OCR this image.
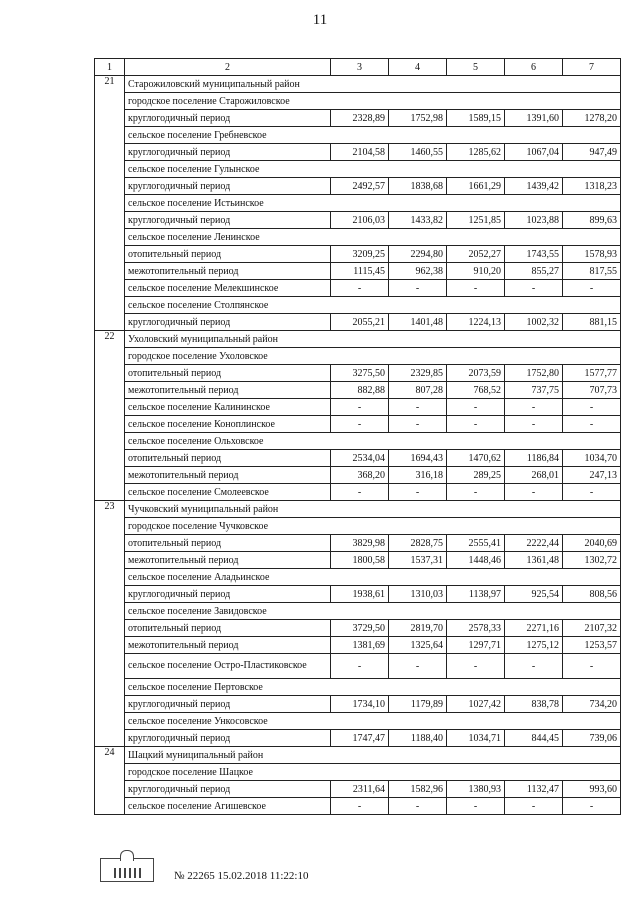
11
1	2	3	4	5	6	7
21	Старожиловский муниципальный район					
	городское поселение Старожиловское					
	круглогодичный период	2328,89	1752,98	1589,15	1391,60	1278,20
	сельское поселение Гребневское					
	круглогодичный период	2104,58	1460,55	1285,62	1067,04	947,49
	сельское поселение Гулынское					
	круглогодичный период	2492,57	1838,68	1661,29	1439,42	1318,23
	сельское поселение Истьинское					
	круглогодичный период	2106,03	1433,82	1251,85	1023,88	899,63
	сельское поселение Ленинское					
	отопительный период	3209,25	2294,80	2052,27	1743,55	1578,93
	межотопительный период	1115,45	962,38	910,20	855,27	817,55
	сельское поселение Мелекшинское	-	-	-	-	-
	сельское поселение Столпянское					
	круглогодичный период	2055,21	1401,48	1224,13	1002,32	881,15
22	Ухоловский муниципальный район					
	городское поселение Ухоловское					
	отопительный период	3275,50	2329,85	2073,59	1752,80	1577,77
	межотопительный период	882,88	807,28	768,52	737,75	707,73
	сельское поселение Калининское	-	-	-	-	-
	сельское поселение Коноплинское	-	-	-	-	-
	сельское поселение Ольховское					
	отопительный период	2534,04	1694,43	1470,62	1186,84	1034,70
	межотопительный период	368,20	316,18	289,25	268,01	247,13
	сельское поселение Смолеевское	-	-	-	-	-
23	Чучковский муниципальный район					
	городское поселение Чучковское					
	отопительный период	3829,98	2828,75	2555,41	2222,44	2040,69
	межотопительный период	1800,58	1537,31	1448,46	1361,48	1302,72
	сельское поселение Аладьинское					
	круглогодичный период	1938,61	1310,03	1138,97	925,54	808,56
	сельское поселение Завидовское					
	отопительный период	3729,50	2819,70	2578,33	2271,16	2107,32
	межотопительный период	1381,69	1325,64	1297,71	1275,12	1253,57
	сельское поселение Остро-Пластиковское	-	-	-	-	-
	сельское поселение Пертовское					
	круглогодичный период	1734,10	1179,89	1027,42	838,78	734,20
	сельское поселение Ункосовское					
	круглогодичный период	1747,47	1188,40	1034,71	844,45	739,06
24	Шацкий муниципальный район					
	городское поселение Шацкое					
	круглогодичный период	2311,64	1582,96	1380,93	1132,47	993,60
	сельское поселение Агишевское	-	-	-	-	-
№ 22265 15.02.2018 11:22:10
